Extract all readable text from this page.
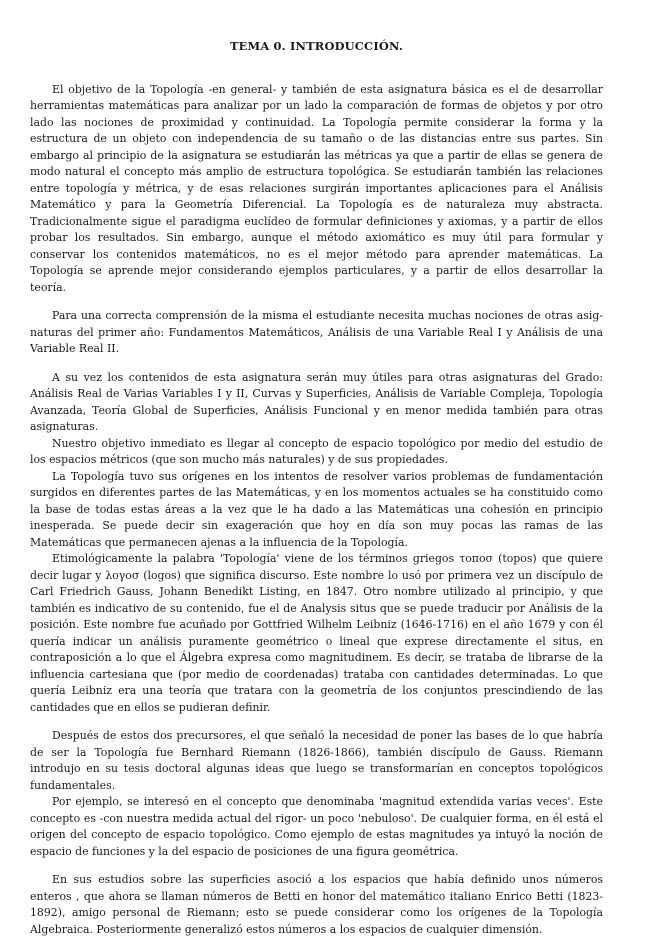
TEMA 0. INTRODUCCIÓN.

El objetivo de la Topología -en general- y también de esta asignatura básica es el de desarrollar herramientas matemáticas para analizar por un lado la comparación de formas de objetos y por otro lado las nociones de proximidad y continuidad. La Topología permite considerar la forma y la estructura de un objeto con independencia de su tamaño o de las distancias entre sus partes. Sin embargo al principio de la asignatura se estudiarán las métricas ya que a partir de ellas se genera de modo natural el concepto más amplio de estructura topológica. Se estudiarán también las relaciones entre topología y métrica, y de esas relaciones surgirán importantes aplicaciones para el Análisis Matemático y para la Geometría Diferencial. La Topología es de naturaleza muy abstracta. Tradicionalmente sigue el paradigma euclídeo de formular definiciones y axiomas, y a partir de ellos probar los resultados. Sin embargo, aunque el método axiomático es muy útil para formular y conservar los contenidos matemáticos, no es el mejor método para aprender matemáticas. La Topología se aprende mejor considerando ejemplos particulares, y a partir de ellos desarrollar la teoría.

Para una correcta comprensión de la misma el estudiante necesita muchas nociones de otras asignaturas del primer año: Fundamentos Matemáticos, Análisis de una Variable Real I y Análisis de una Variable Real II.

A su vez los contenidos de esta asignatura serán muy útiles para otras asignaturas del Grado: Análisis Real de Varias Variables I y II, Curvas y Superficies, Análisis de Variable Compleja, Topología Avanzada, Teoría Global de Superficies, Análisis Funcional y en menor medida también para otras asignaturas.

Nuestro objetivo inmediato es llegar al concepto de espacio topológico por medio del estudio de los espacios métricos (que son mucho más naturales) y de sus propiedades.

La Topología tuvo sus orígenes en los intentos de resolver varios problemas de fundamentación surgidos en diferentes partes de las Matemáticas, y en los momentos actuales se ha constituido como la base de todas estas áreas a la vez que le ha dado a las Matemáticas una cohesión en principio inesperada. Se puede decir sin exageración que hoy en día son muy pocas las ramas de las Matemáticas que permanecen ajenas a la influencia de la Topología.

Etimológicamente la palabra 'Topología' viene de los términos griegos τoπoσ (topos) que quiere decir lugar y λoγoσ (logos) que significa discurso. Este nombre lo usó por primera vez un discípulo de Carl Friedrich Gauss, Johann Benedikt Listing, en 1847. Otro nombre utilizado al principio, y que también es indicativo de su contenido, fue el de Analysis situs que se puede traducir por Análisis de la posición. Este nombre fue acuñado por Gottfried Wilhelm Leibniz (1646-1716) en el año 1679 y con él quería indicar un análisis puramente geométrico o lineal que exprese directamente el situs, en contraposición a lo que el Álgebra expresa como magnitudinem. Es decir, se trataba de librarse de la influencia cartesiana que (por medio de coordenadas) trataba con cantidades determinadas. Lo que quería Leibniz era una teoría que tratara con la geometría de los conjuntos prescindiendo de las cantidades que en ellos se pudieran definir.

Después de estos dos precursores, el que señaló la necesidad de poner las bases de lo que habría de ser la Topología fue Bernhard Riemann (1826-1866), también discípulo de Gauss. Riemann introdujo en su tesis doctoral algunas ideas que luego se transformarían en conceptos topológicos fundamentales.

Por ejemplo, se interesó en el concepto que denominaba 'magnitud extendida varias veces'. Este concepto es -con nuestra medida actual del rigor- un poco 'nebuloso'. De cualquier forma, en él está el origen del concepto de espacio topológico. Como ejemplo de estas magnitudes ya intuyó la noción de espacio de funciones y la del espacio de posiciones de una figura geométrica.

En sus estudios sobre las superficies asoció a los espacios que había definido unos números enteros , que ahora se llaman números de Betti en honor del matemático italiano Enrico Betti (1823-1892), amigo personal de Riemann; esto se puede considerar como los orígenes de la Topología Algebraica. Posteriormente generalizó estos números a los espacios de cualquier dimensión.
